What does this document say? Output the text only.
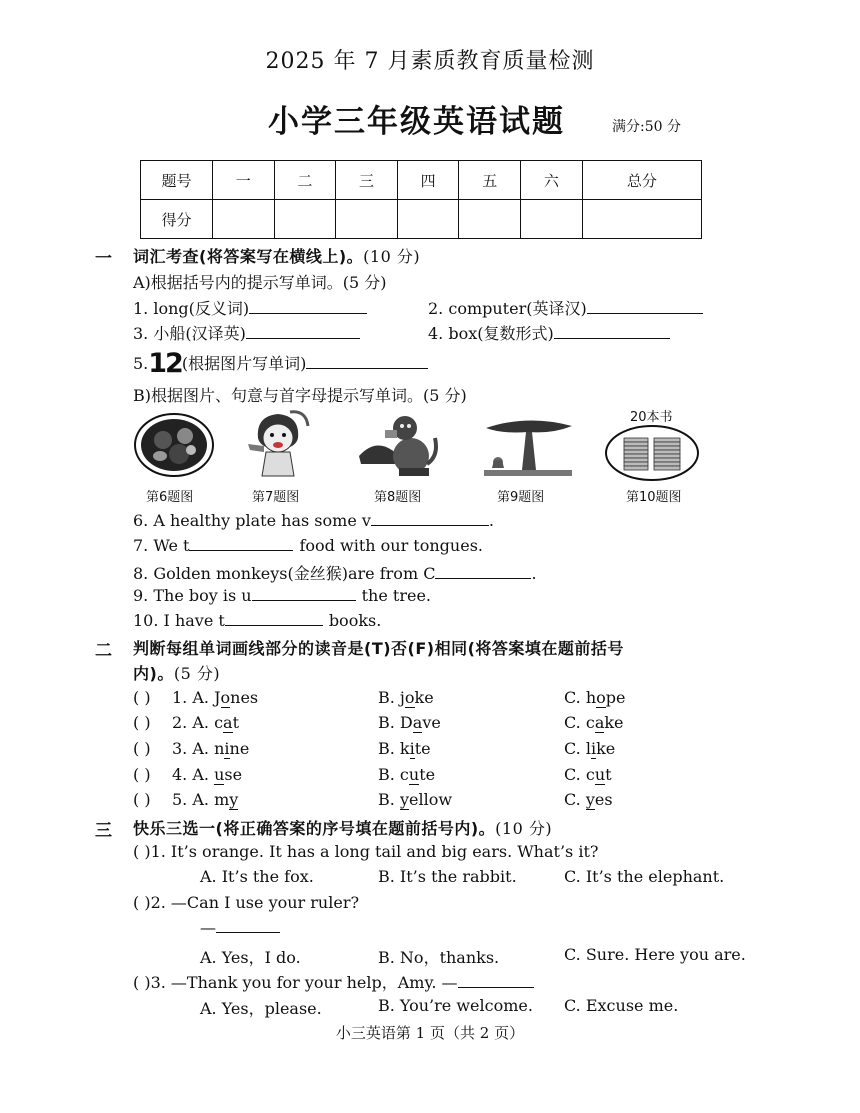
2025 年 7 月素质教育质量检测
小学三年级英语试题	满分:50 分
题号	一	二	三	四	五	六	总分
得分							
一 词汇考查(将答案写在横线上)。(10 分)
A)根据括号内的提示写单词。(5 分)
1. long(反义词)	2. computer(英译汉)
3. 小船(汉译英)	4. box(复数形式)
5.12(根据图片写单词)
B)根据图片、句意与首字母提示写单词。(5 分)
20本书
第6题图	第7题图	第8题图	第9题图	第10题图
6. A healthy plate has some v	.
7. We t	food with our tongues.
8. Golden monkeys(金丝猴)are from C	.
9. The boy is u	the tree.
10. I have t	books.
二 判断每组单词画线部分的读音是(T)否(F)相同(将答案填在题前括号
内)。(5 分)
( ) 1. A. Jones	B. joke	C. hope
( ) 2. A. cat	B. Dave	C. cake
( ) 3. A. nine	B. kite	C. like
( ) 4. A. use	B. cute	C. cut
( ) 5. A. my	B. yellow	C. yes
三 快乐三选一(将正确答案的序号填在题前括号内)。(10 分)
( )1. It’s orange. It has a long tail and big ears. What’s it?
A. It’s the fox.	B. It’s the rabbit.	C. It’s the elephant.
( )2. —Can I use your ruler?
—
A. Yes，I do.	B. No，thanks.	C. Sure. Here you are.
( )3. —Thank you for your help，Amy. —
A. Yes，please.	B. You’re welcome. C. Excuse me.
小三英语第 1 页（共 2 页）
